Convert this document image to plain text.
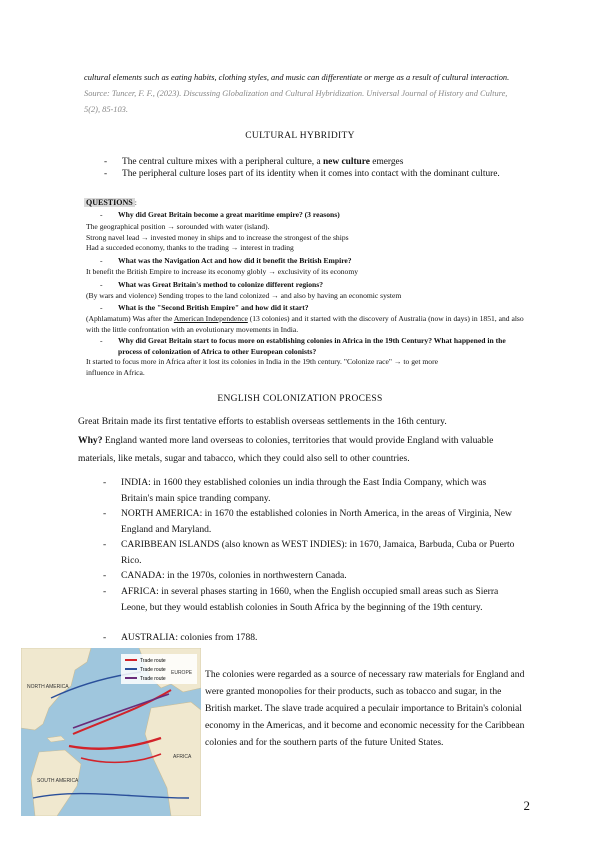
cultural elements such as eating habits, clothing styles, and music can differentiate or merge as a result of cultural interaction. Source: Tuncer, F. F., (2023). Discussing Globalization and Cultural Hybridization. Universal Journal of History and Culture, 5(2), 85-103.
CULTURAL HYBRIDITY
- The central culture mixes with a peripheral culture, a new culture emerges
- The peripheral culture loses part of its identity when it comes into contact with the dominant culture.
QUESTIONS :
- Why did Great Britain become a great maritime empire? (3 reasons)
The geographical position → sorounded with water (island).
Strong navel lead → invested money in ships and to increase the strongest of the ships
Had a succeded economy, thanks to the trading → interest in trading
- What was the Navigation Act and how did it benefit the British Empire?
It benefit the British Empire to increase its economy globly → exclusivity of its economy
- What was Great Britain's method to colonize different regions?
(By wars and violence) Sending tropes to the land colonized → and also by having an economic system
- What is the "Second British Empire" and how did it start?
(Aphlamatum) Was after the American Independence (13 colonies) and it started with the discovery of Australia (now in days) in 1851, and also with the little confrontation with an evolutionary movements in India.
- Why did Great Britain start to focus more on establishing colonies in Africa in the 19th Century? What happened in the process of colonization of Africa to other European colonists?
It started to focus more in Africa after it lost its colonies in India in the 19th century. "Colonize race" → to get more influence in Africa.
ENGLISH COLONIZATION PROCESS
Great Britain made its first tentative efforts to establish overseas settlements in the 16th century.
Why? England wanted more land overseas to colonies, territories that would provide England with valuable materials, like metals, sugar and tabacco, which they could also sell to other countries.
- INDIA: in 1600 they established colonies un india through the East India Company, which was Britain's main spice tranding company.
- NORTH AMERICA: in 1670 the established colonies in North America, in the areas of Virginia, New England and Maryland.
- CARIBBEAN ISLANDS (also known as WEST INDIES): in 1670, Jamaica, Barbuda, Cuba or Puerto Rico.
- CANADA: in the 1970s, colonies in northwestern Canada.
- AFRICA: in several phases starting in 1660, when the English occupied small areas such as Sierra Leone, but they would establish colonies in South Africa by the beginning of the 19th century.
- AUSTRALIA: colonies from 1788.
Trade route
Trade route
Trade route
NORTH AMERICA
EUROPE
AFRICA
SOUTH AMERICA
The colonies were regarded as a source of necessary raw materials for England and were granted monopolies for their products, such as tobacco and sugar, in the British market. The slave trade acquired a peculair importance to Britain's colonial economy in the Americas, and it become and economic necessity for the Caribbean colonies and for the southern parts of the future United States.
2
